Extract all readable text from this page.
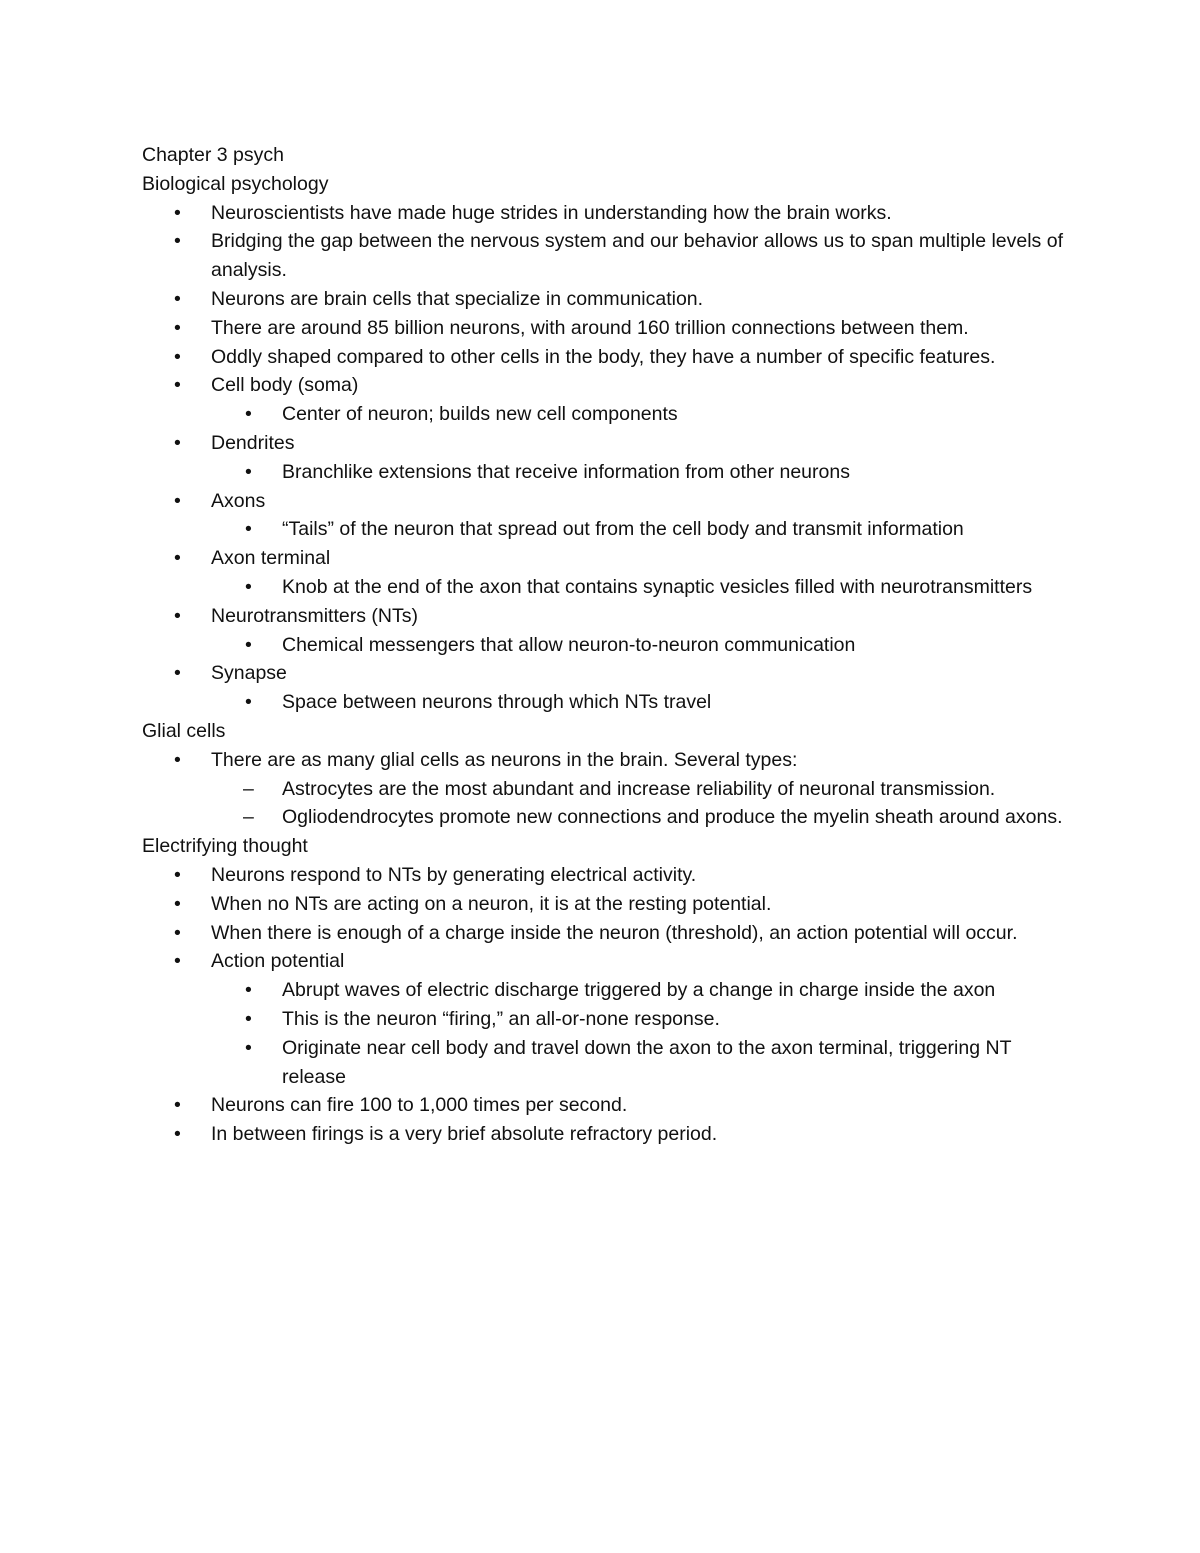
Chapter 3 psych

Biological psychology

•	Neuroscientists have made huge strides in understanding how the brain works.

•	Bridging the gap between the nervous system and our behavior allows us to span multiple levels of analysis.

•	Neurons are brain cells that specialize in communication.

•	There are around 85 billion neurons, with around 160 trillion connections between them.

•	Oddly shaped compared to other cells in the body, they have a number of specific features.

•	Cell body (soma)

•	Center of neuron; builds new cell components

•	Dendrites

•	Branchlike extensions that receive information from other neurons

•	Axons

•	“Tails” of the neuron that spread out from the cell body and transmit information

•	Axon terminal

•	Knob at the end of the axon that contains synaptic vesicles filled with neurotransmitters

•	Neurotransmitters (NTs)

•	Chemical messengers that allow neuron-to-neuron communication

•	Synapse

•	Space between neurons through which NTs travel

Glial cells

•	There are as many glial cells as neurons in the brain. Several types:

–	Astrocytes are the most abundant and increase reliability of neuronal transmission.

–	Ogliodendrocytes promote new connections and produce the myelin sheath around axons.

Electrifying thought

•	Neurons respond to NTs by generating electrical activity.

•	When no NTs are acting on a neuron, it is at the resting potential.

•	When there is enough of a charge inside the neuron (threshold), an action potential will occur.

•	Action potential

•	Abrupt waves of electric discharge triggered by a change in charge inside the axon

•	This is the neuron “firing,” an all-or-none response.

•	Originate near cell body and travel down the axon to the axon terminal, triggering NT release

•	Neurons can fire 100 to 1,000 times per second.

•	In between firings is a very brief absolute refractory period.
